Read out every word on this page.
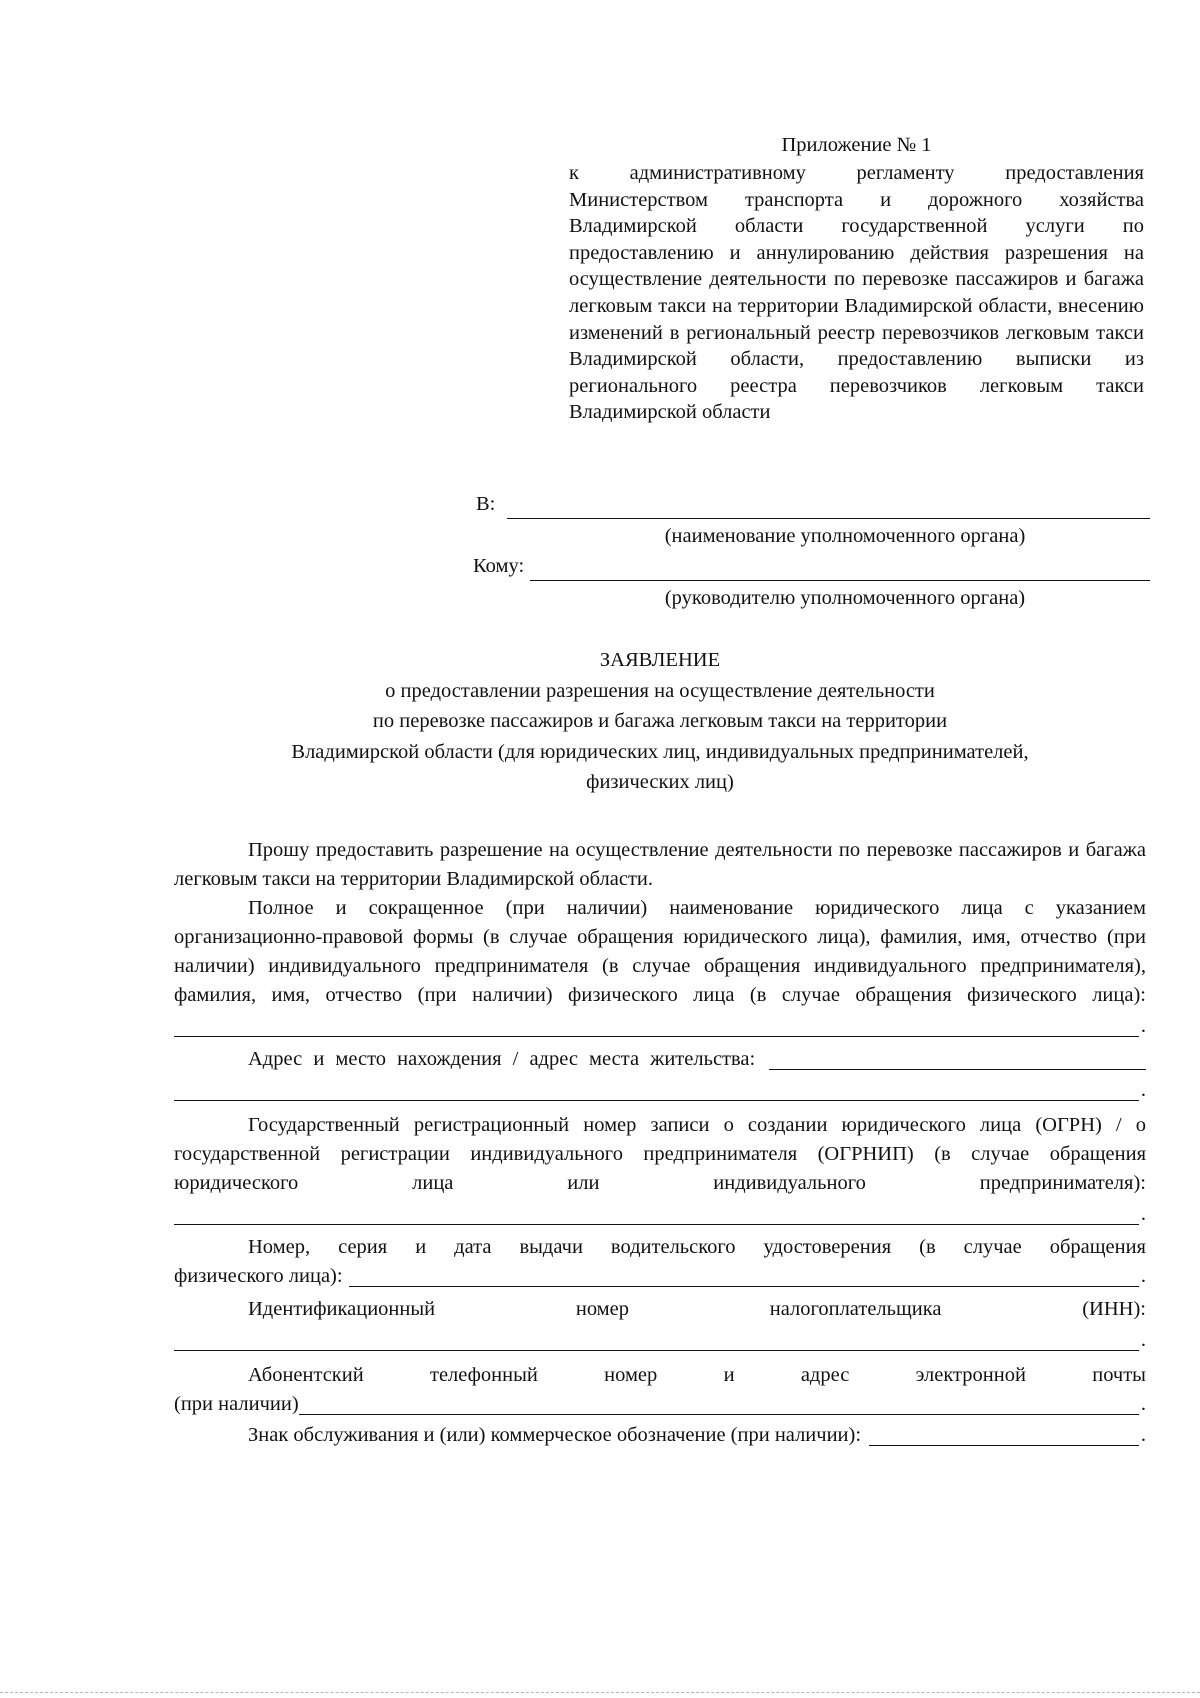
Приложение № 1
к административному регламенту предоставления Министерством транспорта и дорожного хозяйства Владимирской области государственной услуги по предоставлению и аннулированию действия разрешения на осуществление деятельности по перевозке пассажиров и багажа легковым такси на территории Владимирской области, внесению изменений в региональный реестр перевозчиков легковым такси Владимирской области, предоставлению выписки из регионального реестра перевозчиков легковым такси Владимирской области
В:
(наименование уполномоченного органа)
Кому:
(руководителю уполномоченного органа)
ЗАЯВЛЕНИЕ
о предоставлении разрешения на осуществление деятельности
по перевозке пассажиров и багажа легковым такси на территории
Владимирской области (для юридических лиц, индивидуальных предпринимателей,
физических лиц)
Прошу предоставить разрешение на осуществление деятельности по перевозке пассажиров и багажа легковым такси на территории Владимирской области.
Полное и сокращенное (при наличии) наименование юридического лица с указанием организационно-правовой формы (в случае обращения юридического лица), фамилия, имя, отчество (при наличии) индивидуального предпринимателя (в случае обращения индивидуального предпринимателя), фамилия, имя, отчество (при наличии) физического лица (в случае обращения физического лица):
.
Адрес и место нахождения / адрес места жительства:
.
Государственный регистрационный номер записи о создании юридического лица (ОГРН) / о государственной регистрации индивидуального предпринимателя (ОГРНИП) (в случае обращения юридического лица или индивидуального предпринимателя):
.
Номер, серия и дата выдачи водительского удостоверения (в случае обращения
физического лица):	.
Идентификационный	номер	налогоплательщика	(ИНН):
.
Абонентский	телефонный	номер	и	адрес	электронной	почты
(при наличии)	.
Знак обслуживания и (или) коммерческое обозначение (при наличии):	.
